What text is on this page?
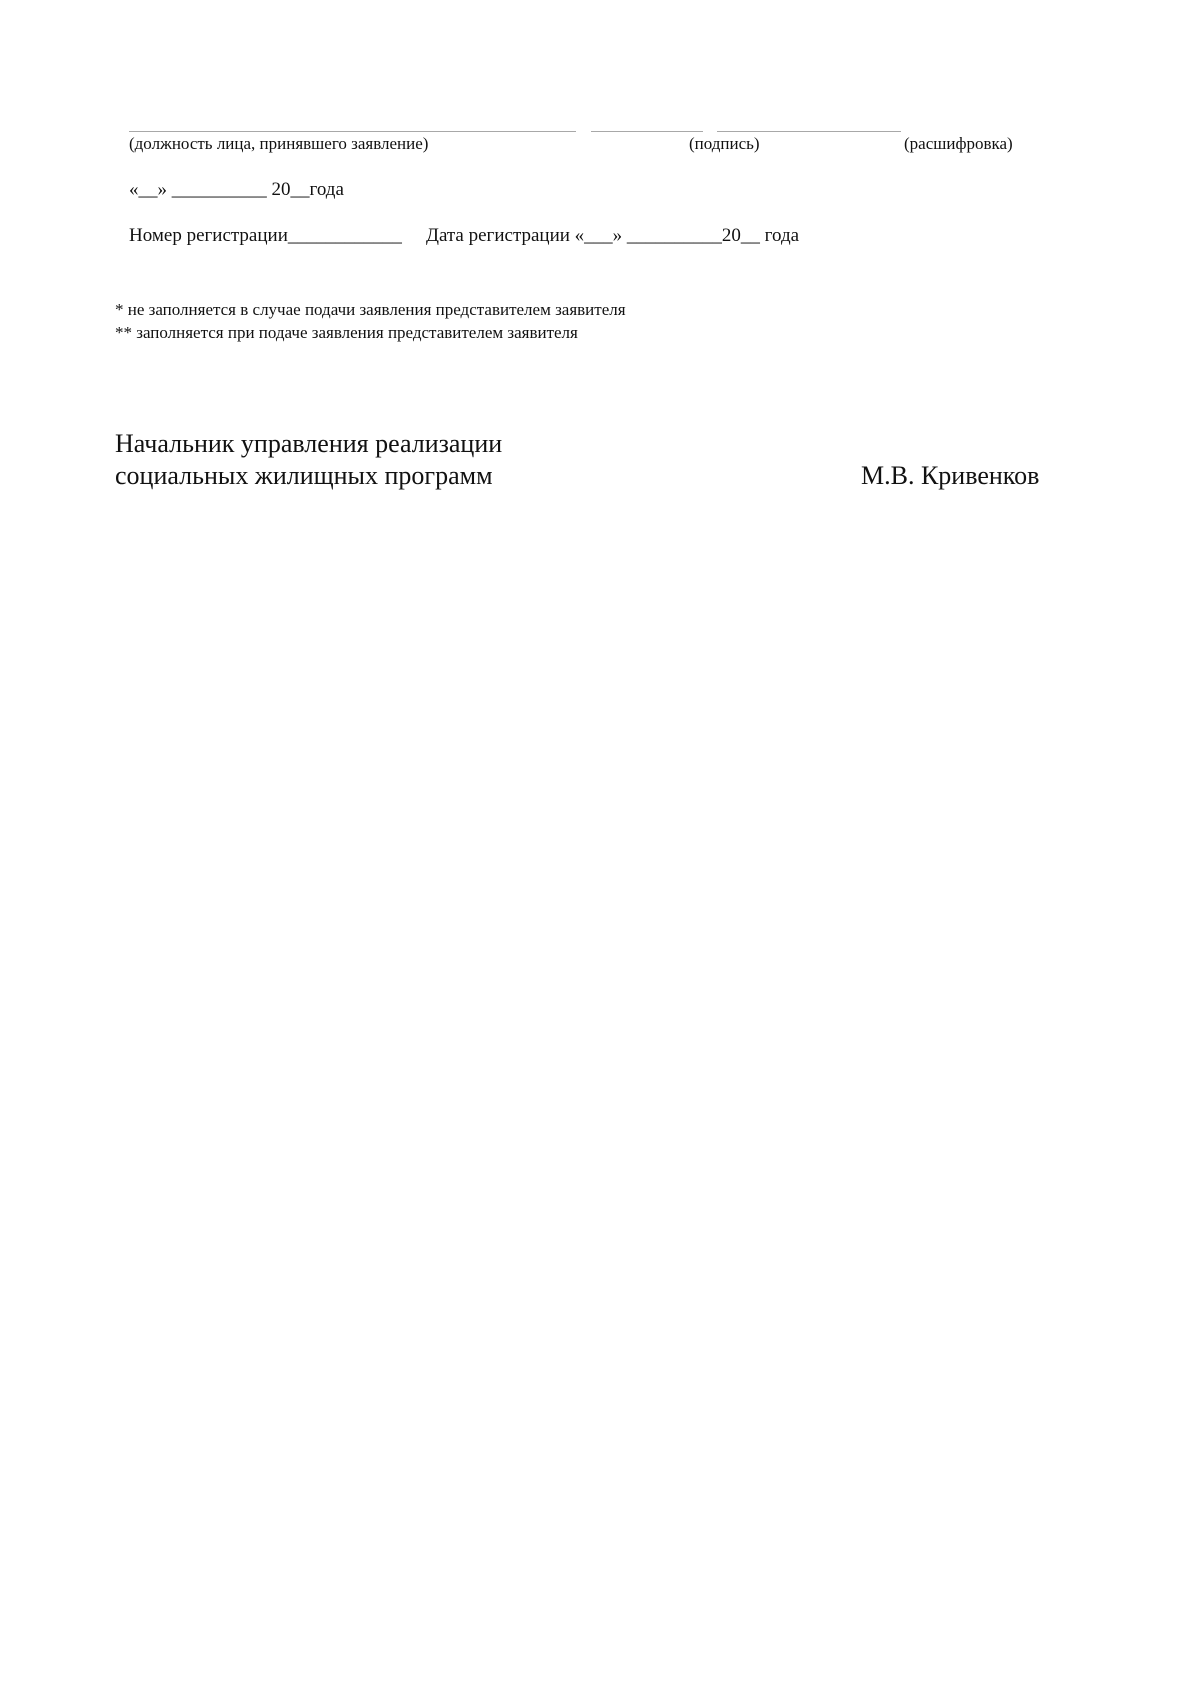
(должность лица, принявшего заявление)	(подпись)	(расшифровка)
«__» __________ 20__года
Номер регистрации____________ Дата регистрации «___» __________20__ года
* не заполняется в случае подачи заявления представителем заявителя
** заполняется при подаче заявления представителем заявителя
Начальник управления реализации
социальных жилищных программ	М.В. Кривенков
